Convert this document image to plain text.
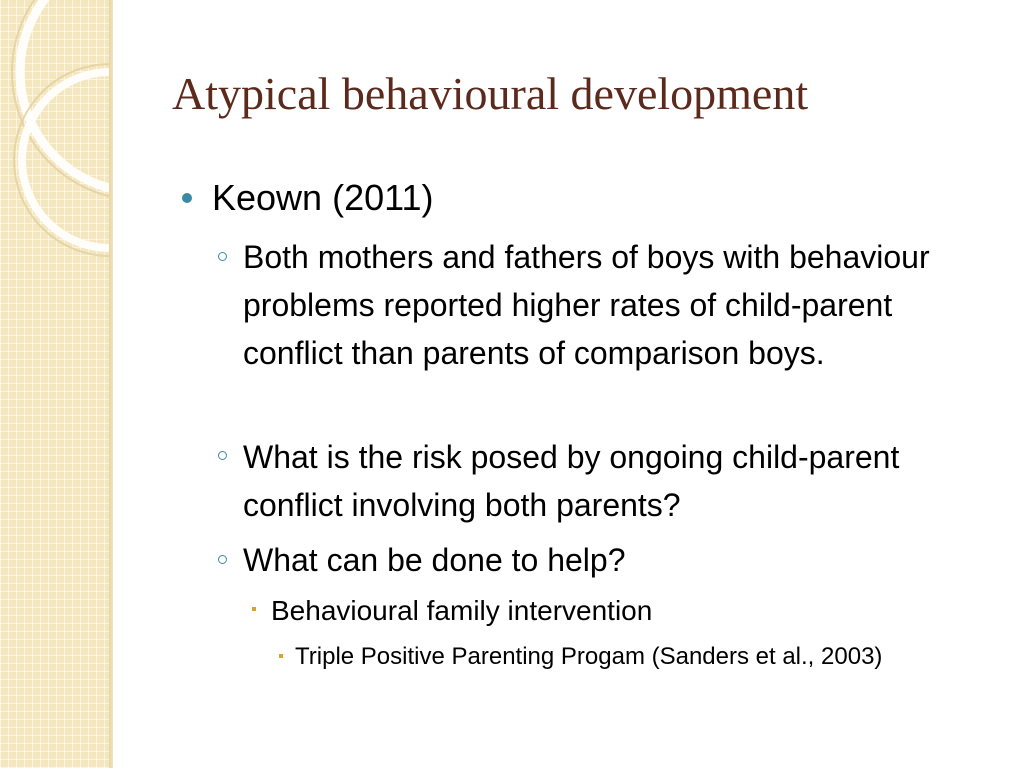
Atypical behavioural development
Keown (2011)
Both mothers and fathers of boys with behaviour problems reported higher rates of child-parent conflict than parents of comparison boys.
What is the risk posed by ongoing child-parent conflict involving both parents?
What can be done to help?
Behavioural family intervention
Triple Positive Parenting Progam (Sanders et al., 2003)
